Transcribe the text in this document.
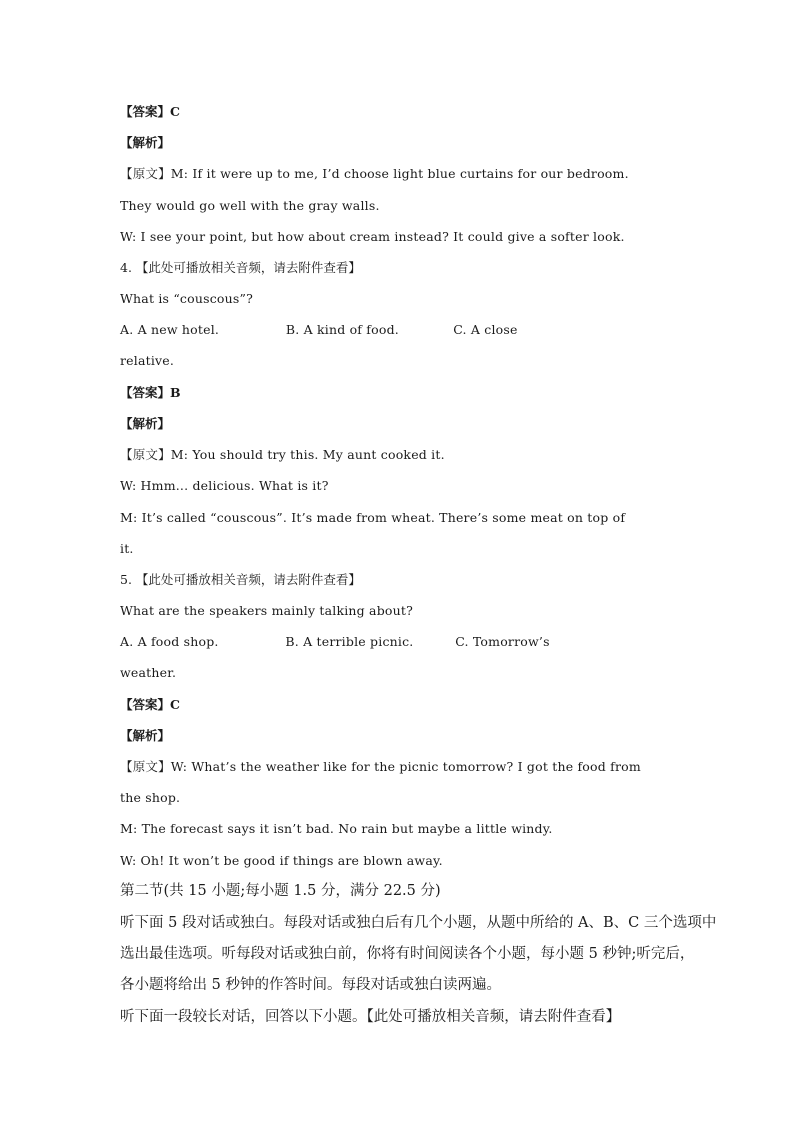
【答案】C
【解析】
【原文】M: If it were up to me, I’d choose light blue curtains for our bedroom.
They would go well with the gray walls.
W: I see your point, but how about cream instead? It could give a softer look.
4. 【此处可播放相关音频，请去附件查看】
What is “couscous”?
A. A new hotel.                B. A kind of food.             C. A close
relative.
【答案】B
【解析】
【原文】M: You should try this. My aunt cooked it.
W: Hmm... delicious. What is it?
M: It’s called “couscous”. It’s made from wheat. There’s some meat on top of
it.
5. 【此处可播放相关音频，请去附件查看】
What are the speakers mainly talking about?
A. A food shop.                B. A terrible picnic.          C. Tomorrow’s
weather.
【答案】C
【解析】
【原文】W: What’s the weather like for the picnic tomorrow? I got the food from
the shop.
M: The forecast says it isn’t bad. No rain but maybe a little windy.
W: Oh! It won’t be good if things are blown away.
第二节(共 15 小题;每小题 1.5 分，满分 22.5 分)
听下面 5 段对话或独白。每段对话或独白后有几个小题，从题中所给的 A、B、C 三个选项中
选出最佳选项。听每段对话或独白前，你将有时间阅读各个小题，每小题 5 秒钟;听完后，
各小题将给出 5 秒钟的作答时间。每段对话或独白读两遍。
听下面一段较长对话，回答以下小题。【此处可播放相关音频，请去附件查看】
